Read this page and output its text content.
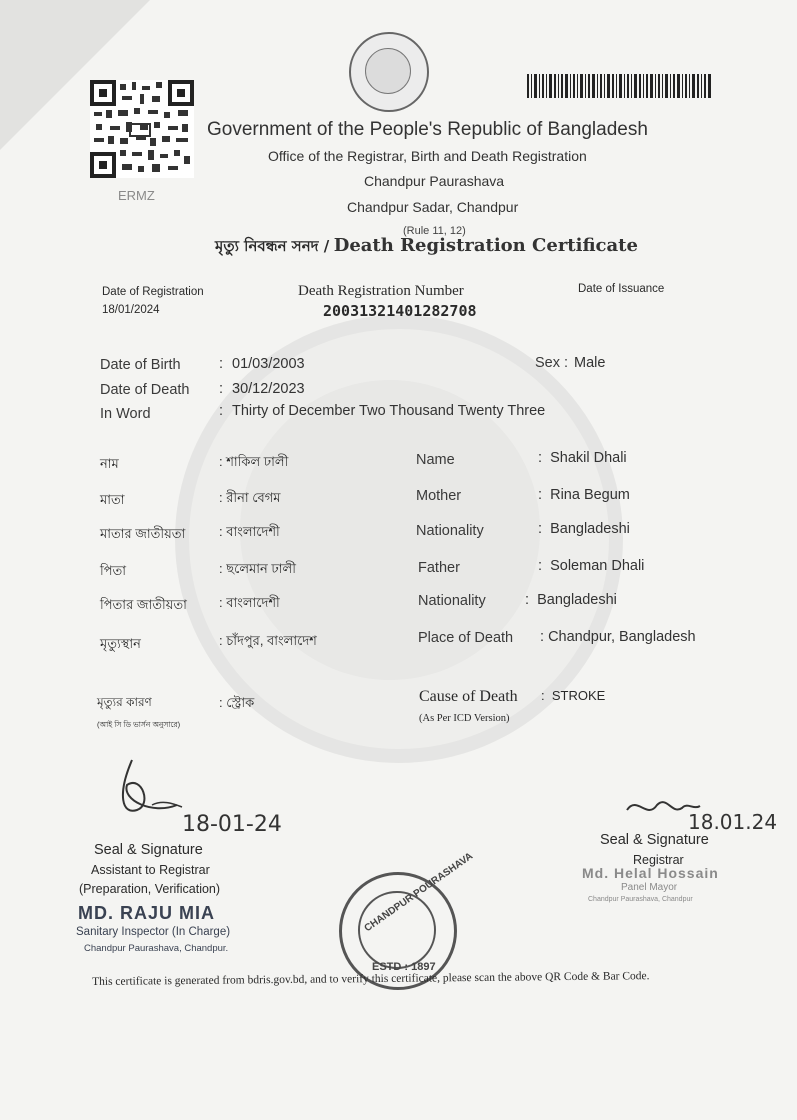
ERMZ
Government of the People's Republic of Bangladesh
Office of the Registrar, Birth and Death Registration
Chandpur Paurashava
Chandpur Sadar, Chandpur
(Rule 11, 12)
মৃত্যু নিবন্ধন সনদ / Death Registration Certificate
Date of Registration
18/01/2024
Death Registration Number
20031321401282708
Date of Issuance
Date of Birth	: 01/03/2003	Sex : Male
Date of Death : 30/12/2023
In Word	: Thirty of December Two Thousand Twenty Three
নাম	: শাকিল ঢালী	Name	:  Shakil Dhali
মাতা	: রীনা বেগম	Mother	:  Rina Begum
মাতার জাতীয়তা	: বাংলাদেশী	Nationality	:  Bangladeshi
পিতা	: ছলেমান ঢালী	Father	:  Soleman Dhali
পিতার জাতীয়তা : বাংলাদেশী	Nationality	:  Bangladeshi
মৃত্যুস্থান	: চাঁদপুর, বাংলাদেশ	Place of Death : Chandpur, Bangladesh
মৃত্যুর কারণ
(আই সি ডি ভার্সন অনুসারে)
: স্ট্রোক	Cause of Death :  STROKE
(As Per ICD Version)
18-01-24
Seal & Signature
Assistant to Registrar
(Preparation, Verification)
MD. RAJU MIA
Sanitary Inspector (In Charge)
Chandpur Paurashava, Chandpur.
CHANDPUR POURASHAVA
ESTD : 1897
18.01.24
Seal & Signature
Registrar
Md. Helal Hossain
Panel Mayor
Chandpur Paurashava, Chandpur
This certificate is generated from bdris.gov.bd, and to verify this certificate, please scan the above QR Code & Bar Code.
